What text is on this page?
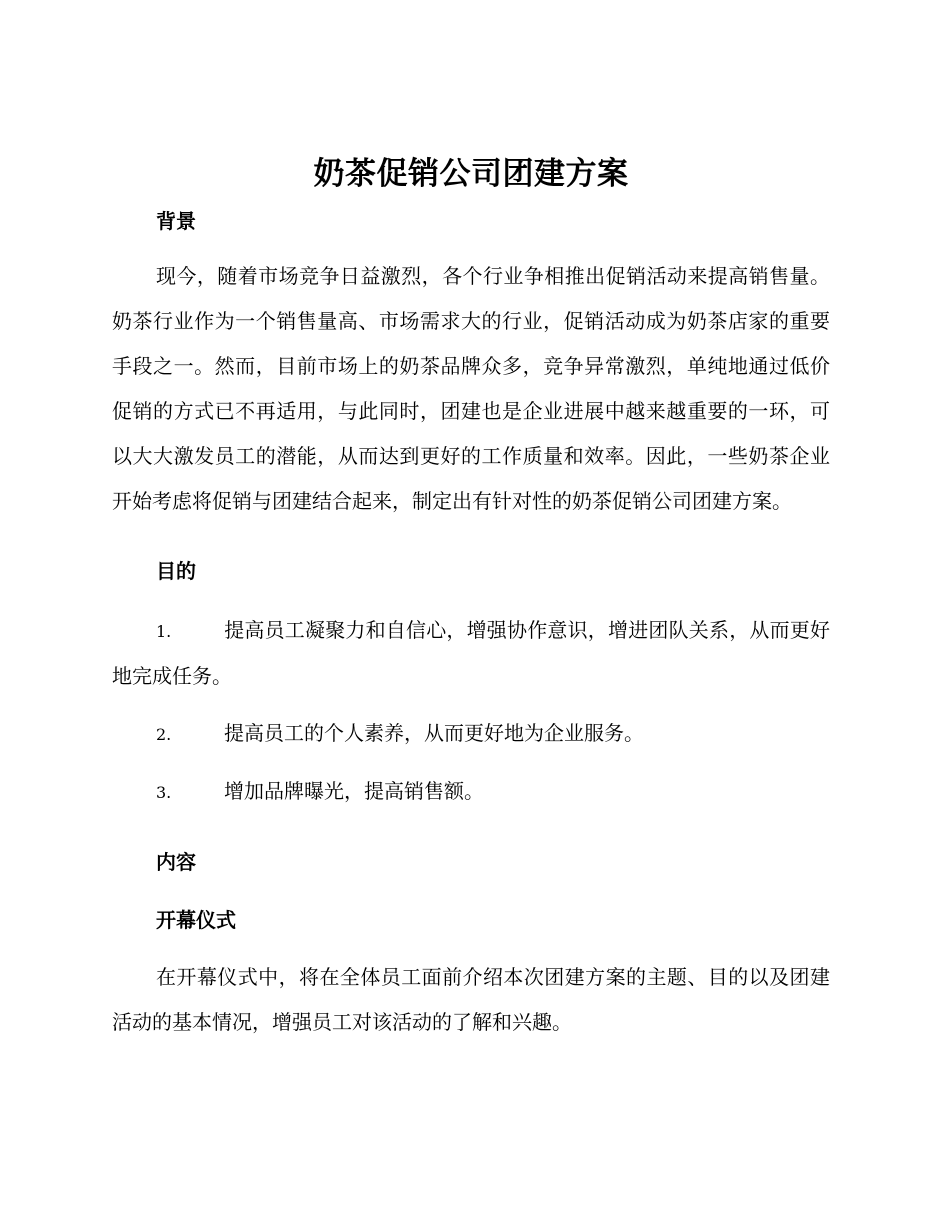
奶茶促销公司团建方案
背景

现今，随着市场竞争日益激烈，各个行业争相推出促销活动来提高销售量。奶茶行业作为一个销售量高、市场需求大的行业，促销活动成为奶茶店家的重要手段之一。然而，目前市场上的奶茶品牌众多，竞争异常激烈，单纯地通过低价促销的方式已不再适用，与此同时，团建也是企业进展中越来越重要的一环，可以大大激发员工的潜能，从而达到更好的工作质量和效率。因此，一些奶茶企业开始考虑将促销与团建结合起来，制定出有针对性的奶茶促销公司团建方案。

目的

1.	提高员工凝聚力和自信心，增强协作意识，增进团队关系，从而更好地完成任务。

2.	提高员工的个人素养，从而更好地为企业服务。

3.	增加品牌曝光，提高销售额。

内容
开幕仪式

在开幕仪式中，将在全体员工面前介绍本次团建方案的主题、目的以及团建活动的基本情况，增强员工对该活动的了解和兴趣。
